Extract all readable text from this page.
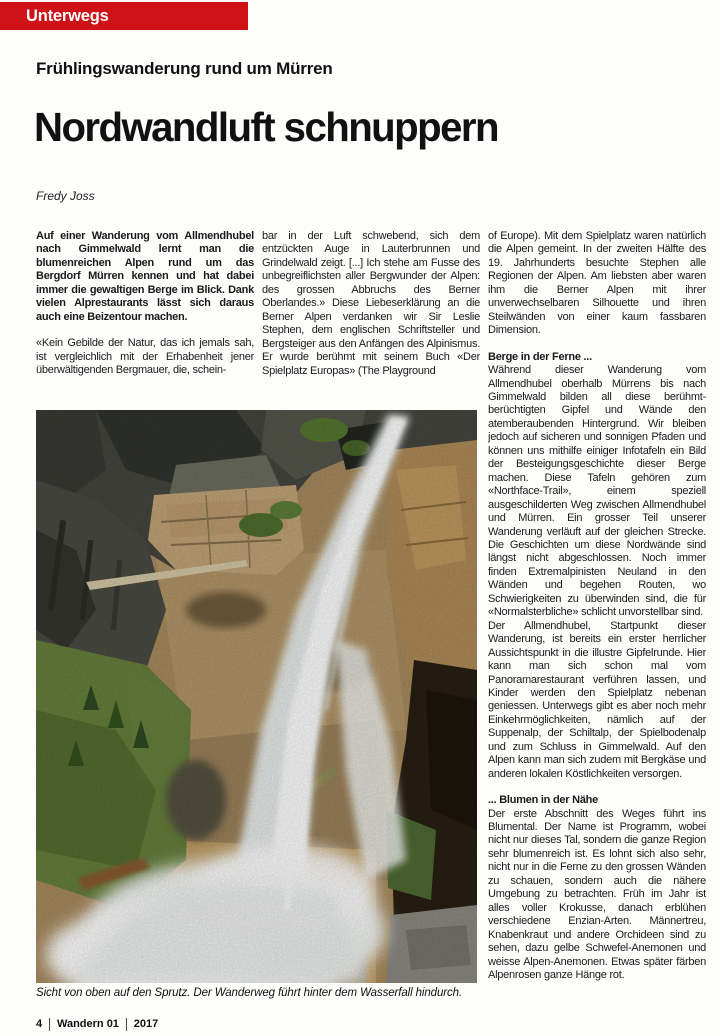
Unterwegs
Frühlingswanderung rund um Mürren
Nordwandluft schnuppern
Fredy Joss

Auf einer Wanderung vom Allmendhubel nach Gimmelwald lernt man die blumenreichen Alpen rund um das Bergdorf Mürren kennen und hat dabei immer die gewaltigen Berge im Blick. Dank vielen Alprestaurants lässt sich daraus auch eine Beizentour machen.

«Kein Gebilde der Natur, das ich jemals sah, ist vergleichlich mit der Erhabenheit jener überwältigenden Bergmauer, die, schein-

bar in der Luft schwebend, sich dem entzückten Auge in Lauterbrunnen und Grindelwald zeigt. [...] Ich stehe am Fusse des unbegreiflichsten aller Bergwunder der Alpen: des grossen Abbruchs des Berner Oberlandes.» Diese Liebeserklärung an die Berner Alpen verdanken wir Sir Leslie Stephen, dem englischen Schriftsteller und Bergsteiger aus den Anfängen des Alpinismus. Er wurde berühmt mit seinem Buch «Der Spielplatz Europas» (The Playground

of Europe). Mit dem Spielplatz waren natürlich die Alpen gemeint. In der zweiten Hälfte des 19. Jahrhunderts besuchte Stephen alle Regionen der Alpen. Am liebsten aber waren ihm die Berner Alpen mit ihrer unverwechselbaren Silhouette und ihren Steilwänden von einer kaum fassbaren Dimension.

Berge in der Ferne ...

Während dieser Wanderung vom Allmendhubel oberhalb Mürrens bis nach Gimmelwald bilden all diese berühmt-berüchtigten Gipfel und Wände den atemberaubenden Hintergrund. Wir bleiben jedoch auf sicheren und sonnigen Pfaden und können uns mithilfe einiger Infotafeln ein Bild der Besteigungsgeschichte dieser Berge machen. Diese Tafeln gehören zum «Northface-Trail», einem speziell ausgeschilderten Weg zwischen Allmendhubel und Mürren. Ein grosser Teil unserer Wanderung verläuft auf der gleichen Strecke. Die Geschichten um diese Nordwände sind längst nicht abgeschlossen. Noch immer finden Extremalpinisten Neuland in den Wänden und begehen Routen, wo Schwierigkeiten zu überwinden sind, die für «Normalsterbliche» schlicht unvorstellbar sind.

Der Allmendhubel, Startpunkt dieser Wanderung, ist bereits ein erster herrlicher Aussichtspunkt in die illustre Gipfelrunde. Hier kann man sich schon mal vom Panoramarestaurant verführen lassen, und Kinder werden den Spielplatz nebenan geniessen. Unterwegs gibt es aber noch mehr Einkehrmöglichkeiten, nämlich auf der Suppenalp, der Schiltalp, der Spielbodenalp und zum Schluss in Gimmelwald. Auf den Alpen kann man sich zudem mit Bergkäse und anderen lokalen Köstlichkeiten versorgen.

... Blumen in der Nähe

Der erste Abschnitt des Weges führt ins Blumental. Der Name ist Programm, wobei nicht nur dieses Tal, sondern die ganze Region sehr blumenreich ist. Es lohnt sich also sehr, nicht nur in die Ferne zu den grossen Wänden zu schauen, sondern auch die nähere Umgebung zu betrachten. Früh im Jahr ist alles voller Krokusse, danach erblühen verschiedene Enzian-Arten. Männertreu, Knabenkraut und andere Orchideen sind zu sehen, dazu gelbe Schwefel-Anemonen und weisse Alpen-Anemonen. Etwas später färben Alpenrosen ganze Hänge rot.

Sicht von oben auf den Sprutz. Der Wanderweg führt hinter dem Wasserfall hindurch.
4 | Wandern 01 | 2017
